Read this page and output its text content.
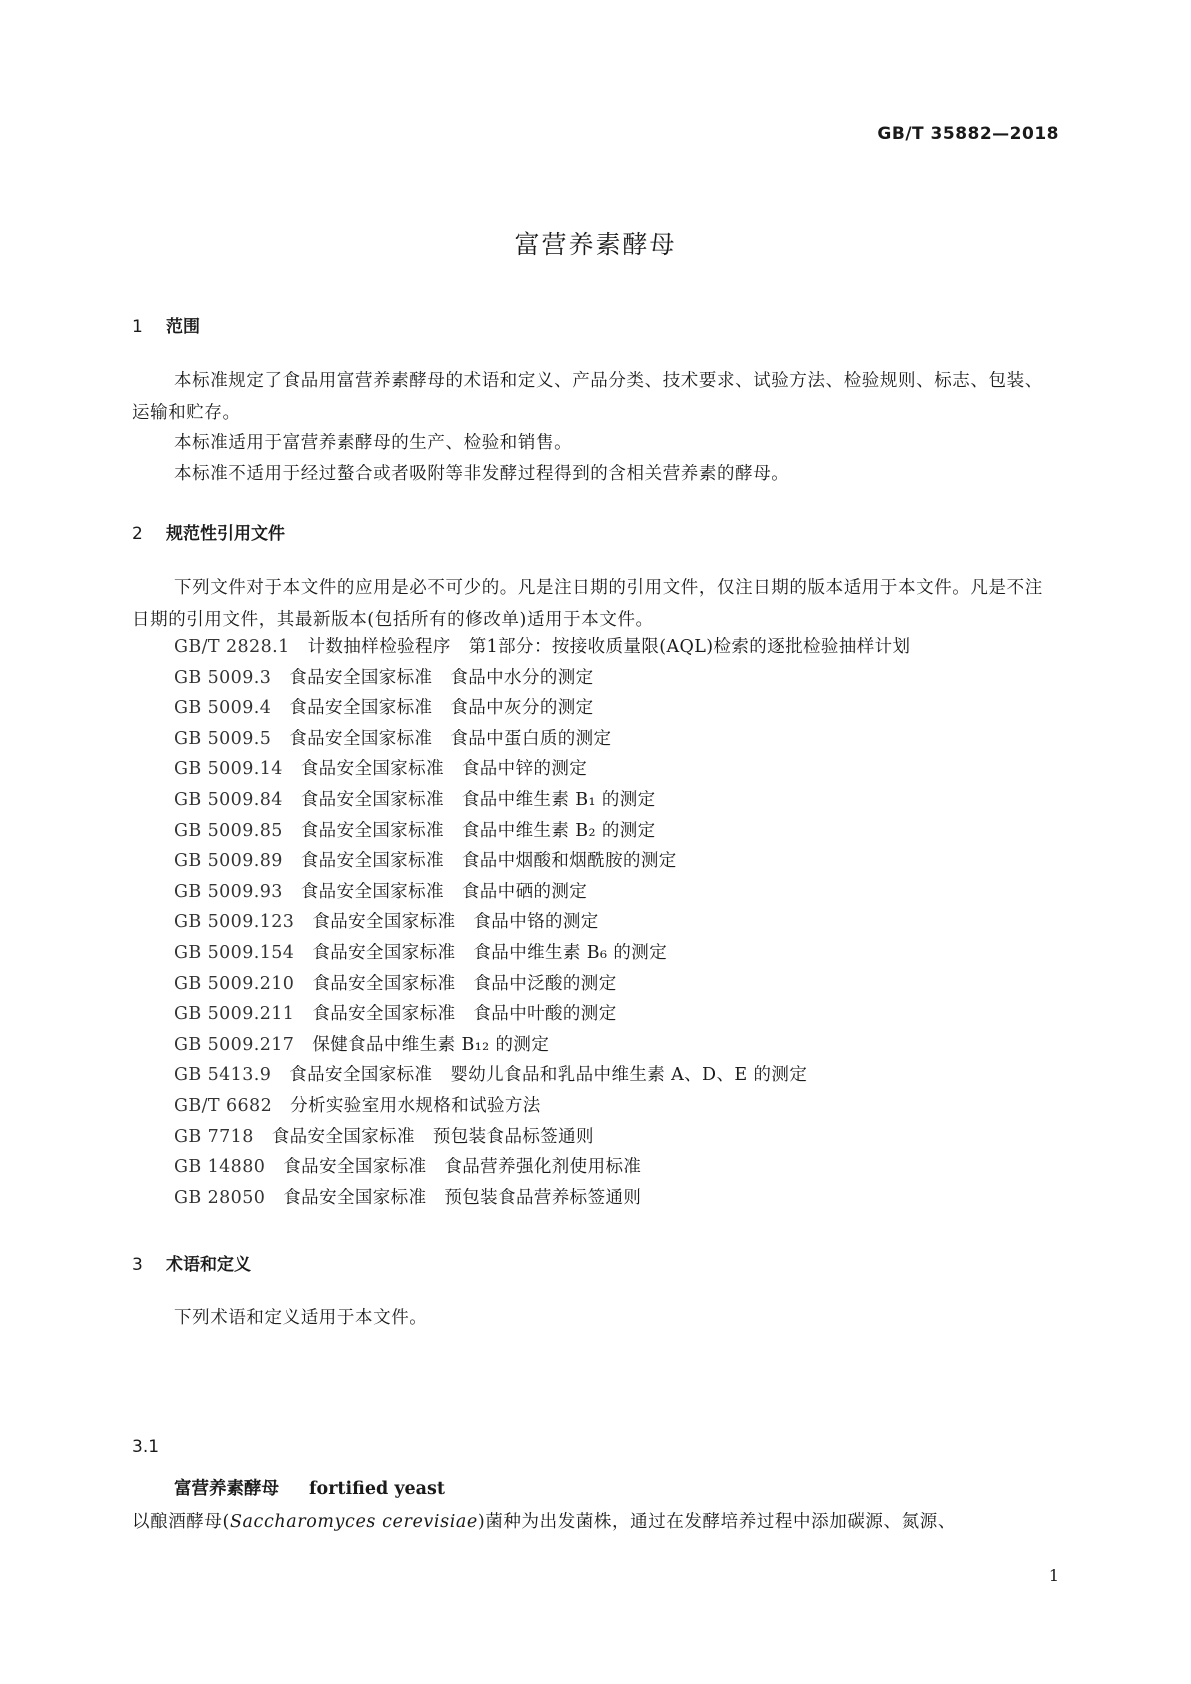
GB/T 35882—2018
富营养素酵母
1 范围
本标准规定了食品用富营养素酵母的术语和定义、产品分类、技术要求、试验方法、检验规则、标志、包装、运输和贮存。
本标准适用于富营养素酵母的生产、检验和销售。
本标准不适用于经过螯合或者吸附等非发酵过程得到的含相关营养素的酵母。
2 规范性引用文件
下列文件对于本文件的应用是必不可少的。凡是注日期的引用文件，仅注日期的版本适用于本文件。凡是不注日期的引用文件，其最新版本(包括所有的修改单)适用于本文件。
GB/T 2828.1 计数抽样检验程序　第1部分：按接收质量限(AQL)检索的逐批检验抽样计划
GB 5009.3 食品安全国家标准　食品中水分的测定
GB 5009.4 食品安全国家标准　食品中灰分的测定
GB 5009.5 食品安全国家标准　食品中蛋白质的测定
GB 5009.14 食品安全国家标准　食品中锌的测定
GB 5009.84 食品安全国家标准　食品中维生素 B₁ 的测定
GB 5009.85 食品安全国家标准　食品中维生素 B₂ 的测定
GB 5009.89 食品安全国家标准　食品中烟酸和烟酰胺的测定
GB 5009.93 食品安全国家标准　食品中硒的测定
GB 5009.123 食品安全国家标准　食品中铬的测定
GB 5009.154 食品安全国家标准　食品中维生素 B₆ 的测定
GB 5009.210 食品安全国家标准　食品中泛酸的测定
GB 5009.211 食品安全国家标准　食品中叶酸的测定
GB 5009.217 保健食品中维生素 B₁₂ 的测定
GB 5413.9 食品安全国家标准　婴幼儿食品和乳品中维生素 A、D、E 的测定
GB/T 6682 分析实验室用水规格和试验方法
GB 7718 食品安全国家标准　预包装食品标签通则
GB 14880 食品安全国家标准　食品营养强化剂使用标准
GB 28050 食品安全国家标准　预包装食品营养标签通则
3 术语和定义
下列术语和定义适用于本文件。
3.1
富营养素酵母 fortified yeast
以酿酒酵母(Saccharomyces cerevisiae)菌种为出发菌株，通过在发酵培养过程中添加碳源、氮源、
1
